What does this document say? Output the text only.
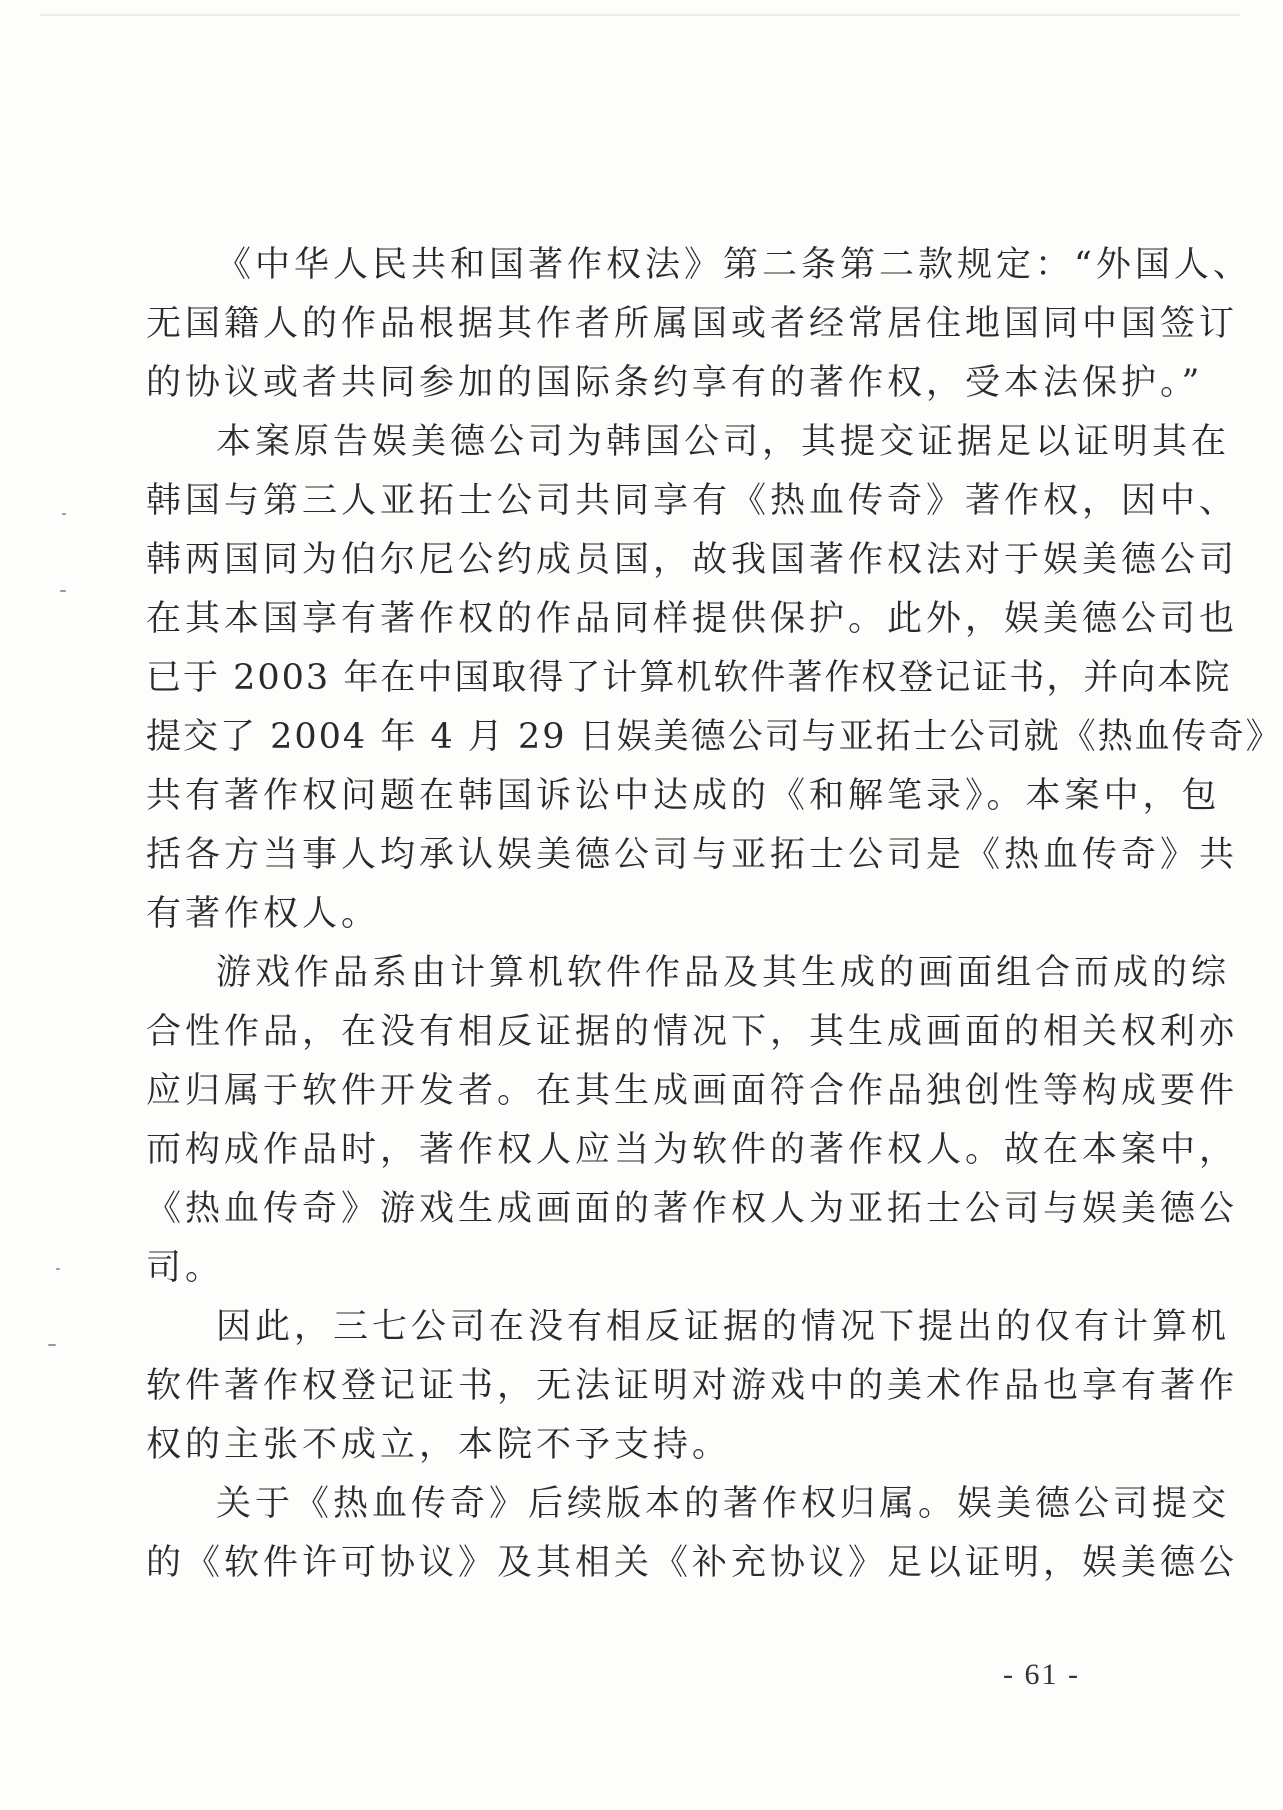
《中华人民共和国著作权法》第二条第二款规定：“外国人、
无国籍人的作品根据其作者所属国或者经常居住地国同中国签订
的协议或者共同参加的国际条约享有的著作权，受本法保护。”
本案原告娱美德公司为韩国公司，其提交证据足以证明其在
韩国与第三人亚拓士公司共同享有《热血传奇》著作权，因中、
韩两国同为伯尔尼公约成员国，故我国著作权法对于娱美德公司
在其本国享有著作权的作品同样提供保护。此外，娱美德公司也
已于 2003 年在中国取得了计算机软件著作权登记证书，并向本院
提交了 2004 年 4 月 29 日娱美德公司与亚拓士公司就《热血传奇》
共有著作权问题在韩国诉讼中达成的《和解笔录》。本案中，包
括各方当事人均承认娱美德公司与亚拓士公司是《热血传奇》共
有著作权人。
游戏作品系由计算机软件作品及其生成的画面组合而成的综
合性作品，在没有相反证据的情况下，其生成画面的相关权利亦
应归属于软件开发者。在其生成画面符合作品独创性等构成要件
而构成作品时，著作权人应当为软件的著作权人。故在本案中，
《热血传奇》游戏生成画面的著作权人为亚拓士公司与娱美德公
司。
因此，三七公司在没有相反证据的情况下提出的仅有计算机
软件著作权登记证书，无法证明对游戏中的美术作品也享有著作
权的主张不成立，本院不予支持。
关于《热血传奇》后续版本的著作权归属。娱美德公司提交
的《软件许可协议》及其相关《补充协议》足以证明，娱美德公
- 61 -
